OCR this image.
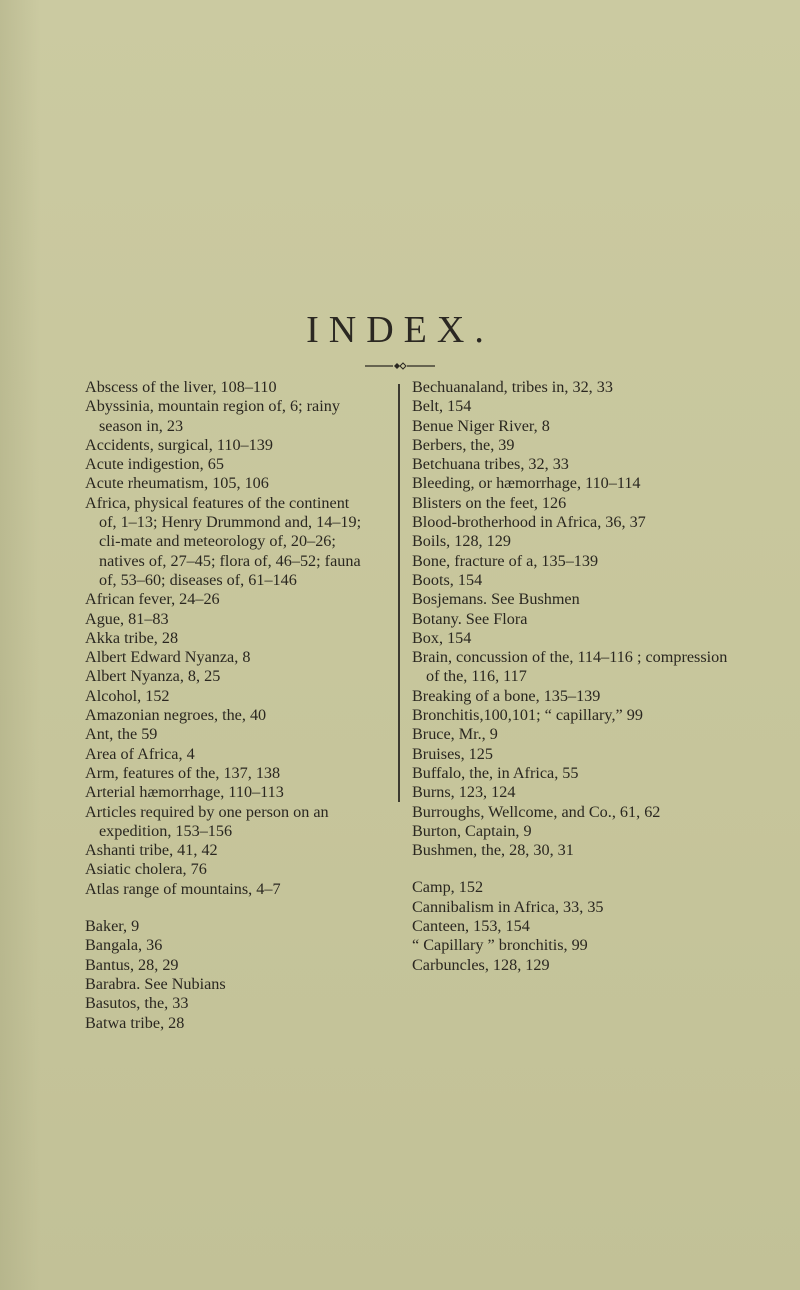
INDEX.
Abscess of the liver, 108–110
Abyssinia, mountain region of, 6; rainy season in, 23
Accidents, surgical, 110–139
Acute indigestion, 65
Acute rheumatism, 105, 106
Africa, physical features of the continent of, 1–13; Henry Drummond and, 14–19; cli-mate and meteorology of, 20–26; natives of, 27–45; flora of, 46–52; fauna of, 53–60; diseases of, 61–146
African fever, 24–26
Ague, 81–83
Akka tribe, 28
Albert Edward Nyanza, 8
Albert Nyanza, 8, 25
Alcohol, 152
Amazonian negroes, the, 40
Ant, the 59
Area of Africa, 4
Arm, features of the, 137, 138
Arterial hæmorrhage, 110–113
Articles required by one person on an expedition, 153–156
Ashanti tribe, 41, 42
Asiatic cholera, 76
Atlas range of mountains, 4–7
Baker, 9
Bangala, 36
Bantus, 28, 29
Barabra. See Nubians
Basutos, the, 33
Batwa tribe, 28
Bechuanaland, tribes in, 32, 33
Belt, 154
Benue Niger River, 8
Berbers, the, 39
Betchuana tribes, 32, 33
Bleeding, or hæmorrhage, 110–114
Blisters on the feet, 126
Blood-brotherhood in Africa, 36, 37
Boils, 128, 129
Bone, fracture of a, 135–139
Boots, 154
Bosjemans. See Bushmen
Botany. See Flora
Box, 154
Brain, concussion of the, 114–116 ; compression of the, 116, 117
Breaking of a bone, 135–139
Bronchitis,100,101; “ capillary,” 99
Bruce, Mr., 9
Bruises, 125
Buffalo, the, in Africa, 55
Burns, 123, 124
Burroughs, Wellcome, and Co., 61, 62
Burton, Captain, 9
Bushmen, the, 28, 30, 31
Camp, 152
Cannibalism in Africa, 33, 35
Canteen, 153, 154
“ Capillary ” bronchitis, 99
Carbuncles, 128, 129
